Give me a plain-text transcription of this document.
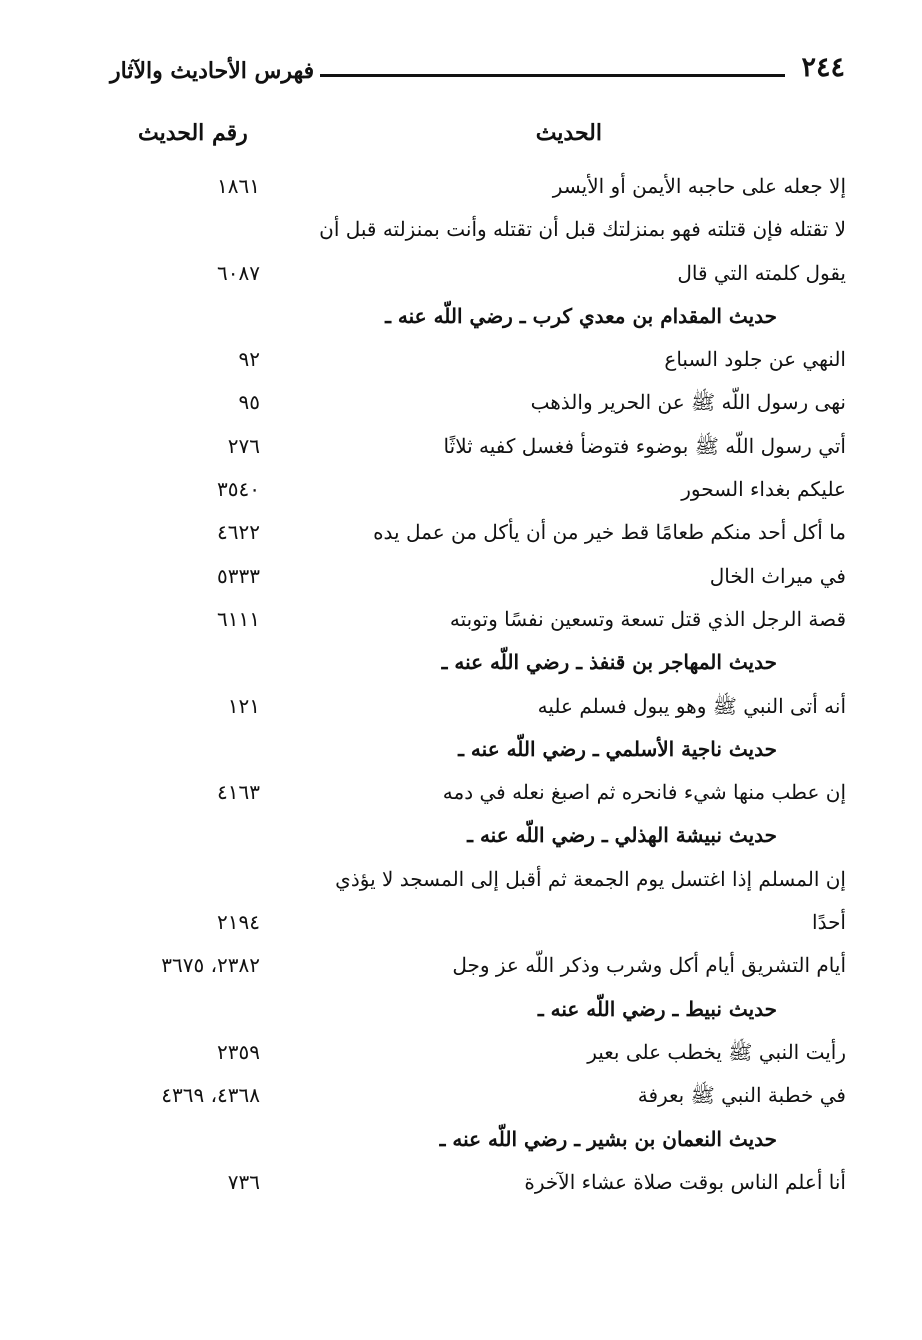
٢٤٤
فهرس الأحاديث والآثار
الحديث
رقم الحديث
إلا جعله على حاجبه الأيمن أو الأيسر
١٨٦١
لا تقتله فإن قتلته فهو بمنزلتك قبل أن تقتله وأنت بمنزلته قبل أن
يقول كلمته التي قال
٦٠٨٧
حديث المقدام بن معدي كرب ـ رضي اللّه عنه ـ
النهي عن جلود السباع
٩٢
نهى رسول اللّه ﷺ عن الحرير والذهب
٩٥
أتي رسول اللّه ﷺ بوضوء فتوضأ فغسل كفيه ثلاثًا
٢٧٦
عليكم بغداء السحور
٣٥٤٠
ما أكل أحد منكم طعامًا قط خير من أن يأكل من عمل يده
٤٦٢٢
في ميراث الخال
٥٣٣٣
قصة الرجل الذي قتل تسعة وتسعين نفسًا وتوبته
٦١١١
حديث المهاجر بن قنفذ ـ رضي اللّه عنه ـ
أنه أتى النبي ﷺ وهو يبول فسلم عليه
١٢١
حديث ناجية الأسلمي ـ رضي اللّه عنه ـ
إن عطب منها شيء فانحره ثم اصبغ نعله في دمه
٤١٦٣
حديث نبيشة الهذلي ـ رضي اللّه عنه ـ
إن المسلم إذا اغتسل يوم الجمعة ثم أقبل إلى المسجد لا يؤذي
أحدًا
٢١٩٤
أيام التشريق أيام أكل وشرب وذكر اللّه عز وجل
٢٣٨٢، ٣٦٧٥
حديث نبيط ـ رضي اللّه عنه ـ
رأيت النبي ﷺ يخطب على بعير
٢٣٥٩
في خطبة النبي ﷺ بعرفة
٤٣٦٨، ٤٣٦٩
حديث النعمان بن بشير ـ رضي اللّه عنه ـ
أنا أعلم الناس بوقت صلاة عشاء الآخرة
٧٣٦
